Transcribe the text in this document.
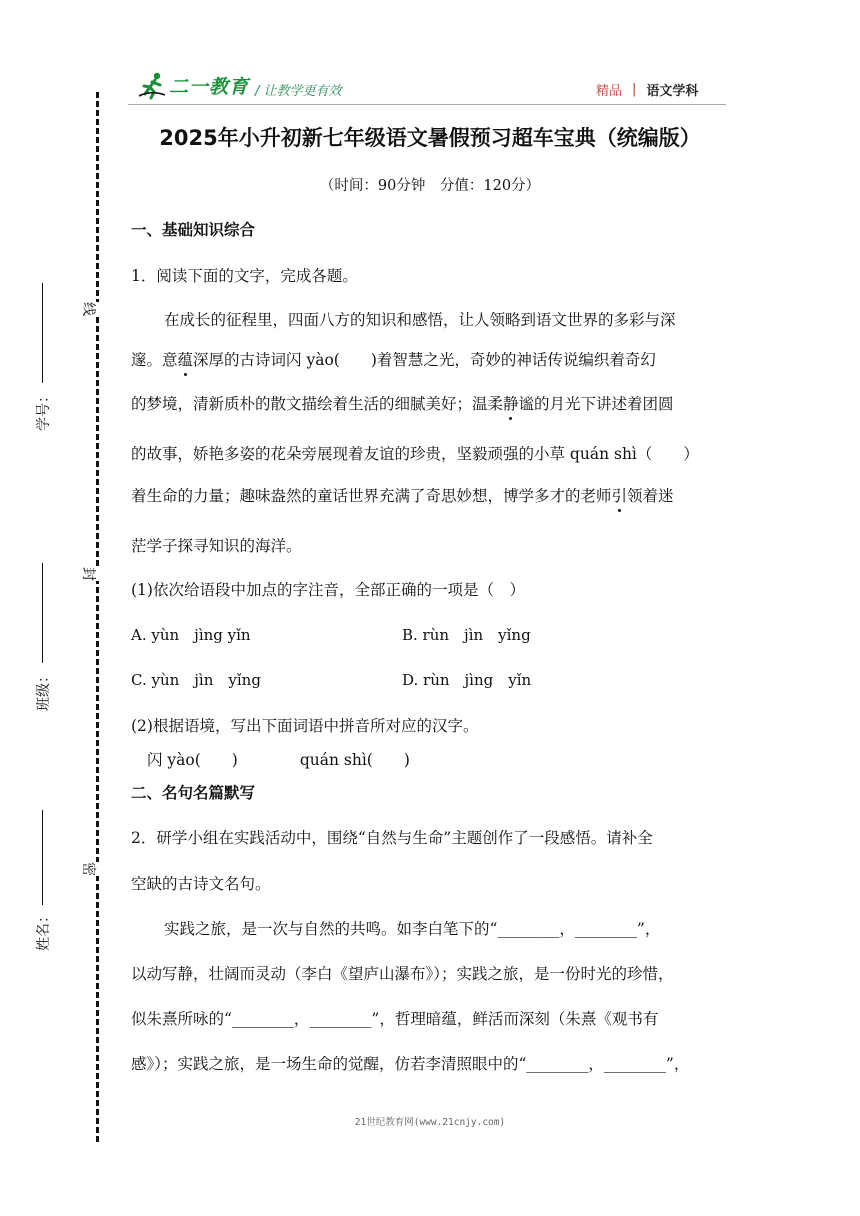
二一教育 / 让教学更有效	精品 | 语文学科
线
封
密
学号：
班级：
姓名：
2025年小升初新七年级语文暑假预习超车宝典（统编版）
（时间：90分钟　分值：120分）
一、基础知识综合
1．阅读下面的文字，完成各题。
在成长的征程里，四面八方的知识和感悟，让人领略到语文世界的多彩与深
邃。意蕴深厚的古诗词闪 yào(　　)着智慧之光，奇妙的神话传说编织着奇幻
的梦境，清新质朴的散文描绘着生活的细腻美好；温柔静谧的月光下讲述着团圆
的故事，娇艳多姿的花朵旁展现着友谊的珍贵，坚毅顽强的小草 quán shì（　　）
着生命的力量；趣味盎然的童话世界充满了奇思妙想，博学多才的老师引领着迷
茫学子探寻知识的海洋。
(1)依次给语段中加点的字注音，全部正确的一项是（　）
A. yùn　jìng yǐn	B. rùn　jìn　yǐng
C. yùn　jìn　yǐng	D. rùn　jìng　yǐn
(2)根据语境，写出下面词语中拼音所对应的汉字。
闪 yào(　　)　　　　quán shì(　　)
二、名句名篇默写
2．研学小组在实践活动中，围绕“自然与生命”主题创作了一段感悟。请补全
空缺的古诗文名句。
实践之旅，是一次与自然的共鸣。如李白笔下的“________，________”，
以动写静，壮阔而灵动（李白《望庐山瀑布》）；实践之旅，是一份时光的珍惜，
似朱熹所咏的“________，________”，哲理暗蕴，鲜活而深刻（朱熹《观书有
感》）；实践之旅，是一场生命的觉醒，仿若李清照眼中的“________，________”，
21世纪教育网(www.21cnjy.com)
